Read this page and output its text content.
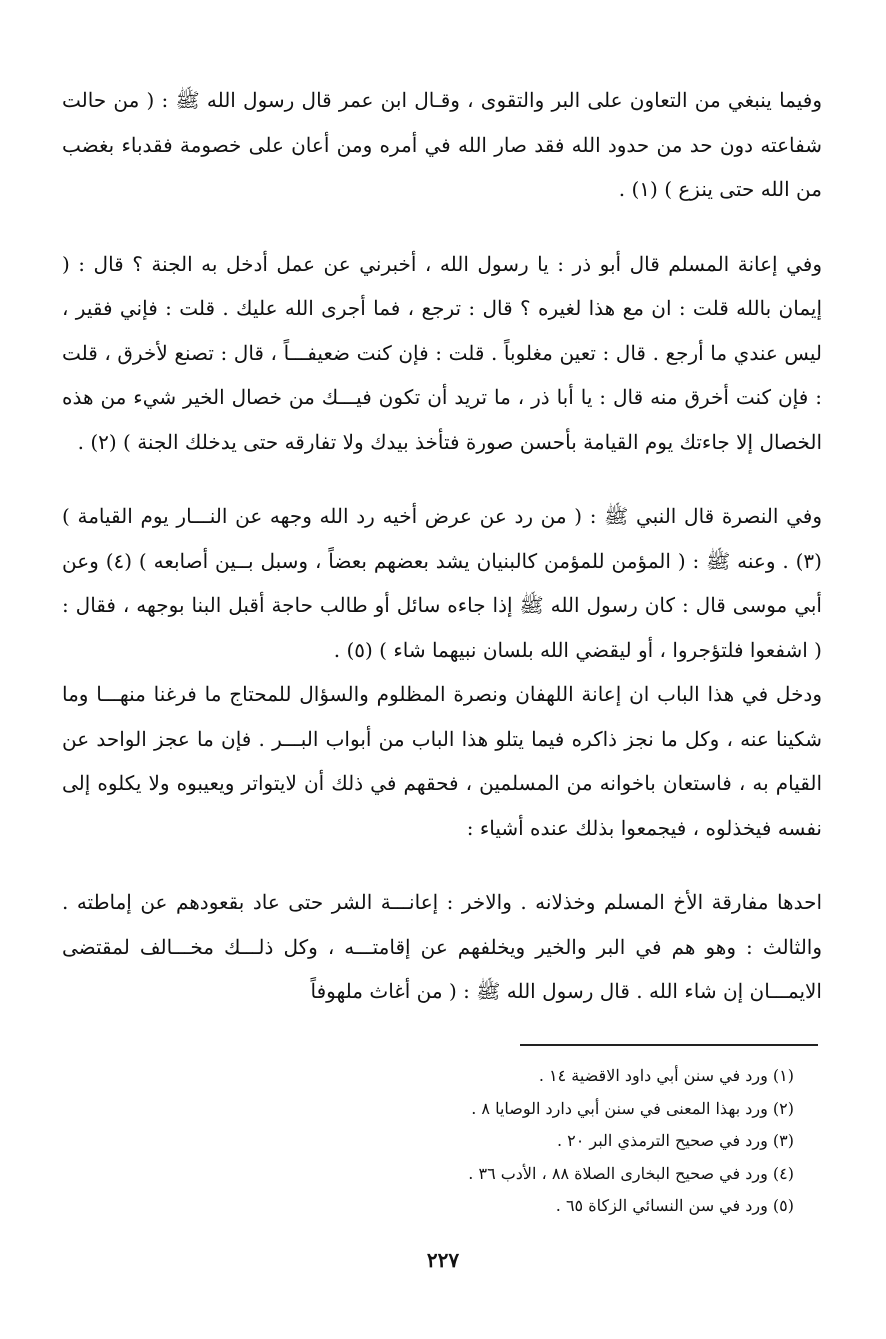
وفيما ينبغي من التعاون على البر والتقوى ، وقـال ابن عمر قال رسول الله ﷺ : ( من حالت شفاعته دون حد من حدود الله فقد صار الله في أمره ومن أعان على خصومة فقدباء بغضب من الله حتى ينزع ) (١) .

وفي إعانة المسلم قال أبو ذر : يا رسول الله ، أخبرني عن عمل أدخل به الجنة ؟ قال : ( إيمان بالله قلت : ان مع هذا لغيره ؟ قال : ترجع ، فما أجرى الله عليك . قلت : فإني فقير ، ليس عندي ما أرجع . قال : تعين مغلوباً . قلت : فإن كنت ضعيفـــاً ، قال : تصنع لأخرق ، قلت : فإن كنت أخرق منه قال : يا أبا ذر ، ما تريد أن تكون فيـــك من خصال الخير شيء من هذه الخصال إلا جاءتك يوم القيامة بأحسن صورة فتأخذ بيدك ولا تفارقه حتى يدخلك الجنة ) (٢) .

وفي النصرة قال النبي ﷺ : ( من رد عن عرض أخيه رد الله وجهه عن النـــار يوم القيامة ) (٣) . وعنه ﷺ : ( المؤمن للمؤمن كالبنيان يشد بعضهم بعضاً ، وسبل بــين أصابعه ) (٤) وعن أبي موسى قال : كان رسول الله ﷺ إذا جاءه سائل أو طالب حاجة أقبل البنا بوجهه ، فقال : ( اشفعوا فلتؤجروا ، أو ليقضي الله بلسان نبيهما شاء ) (٥) .

ودخل في هذا الباب ان إعانة اللهفان ونصرة المظلوم والسؤال للمحتاج ما فرغنا منهـــا وما شكينا عنه ، وكل ما نجز ذاكره فيما يتلو هذا الباب من أبواب البـــر . فإن ما عجز الواحد عن القيام به ، فاستعان باخوانه من المسلمين ، فحقهم في ذلك أن لايتواتر ويعيبوه ولا يكلوه إلى نفسه فيخذلوه ، فيجمعوا بذلك عنده أشياء :

احدها مفارقة الأخ المسلم وخذلانه . والاخر : إعانـــة الشر حتى عاد بقعودهم عن إماطته . والثالث : وهو هم في البر والخير ويخلفهم عن إقامتـــه ، وكل ذلـــك مخـــالف لمقتضى الايمـــان إن شاء الله . قال رسول الله ﷺ : ( من أغاث ملهوفاً

(١) ورد في سنن أبي داود الاقضية ١٤ .

(٢) ورد بهذا المعنى في سنن أبي دارد الوصايا ٨ .

(٣) ورد في صحيح الترمذي البر ٢٠ .

(٤) ورد في صحيح البخارى الصلاة ٨٨ ، الأدب ٣٦ .

(٥) ورد في سن النسائي الزكاة ٦٥ .

٢٢٧
